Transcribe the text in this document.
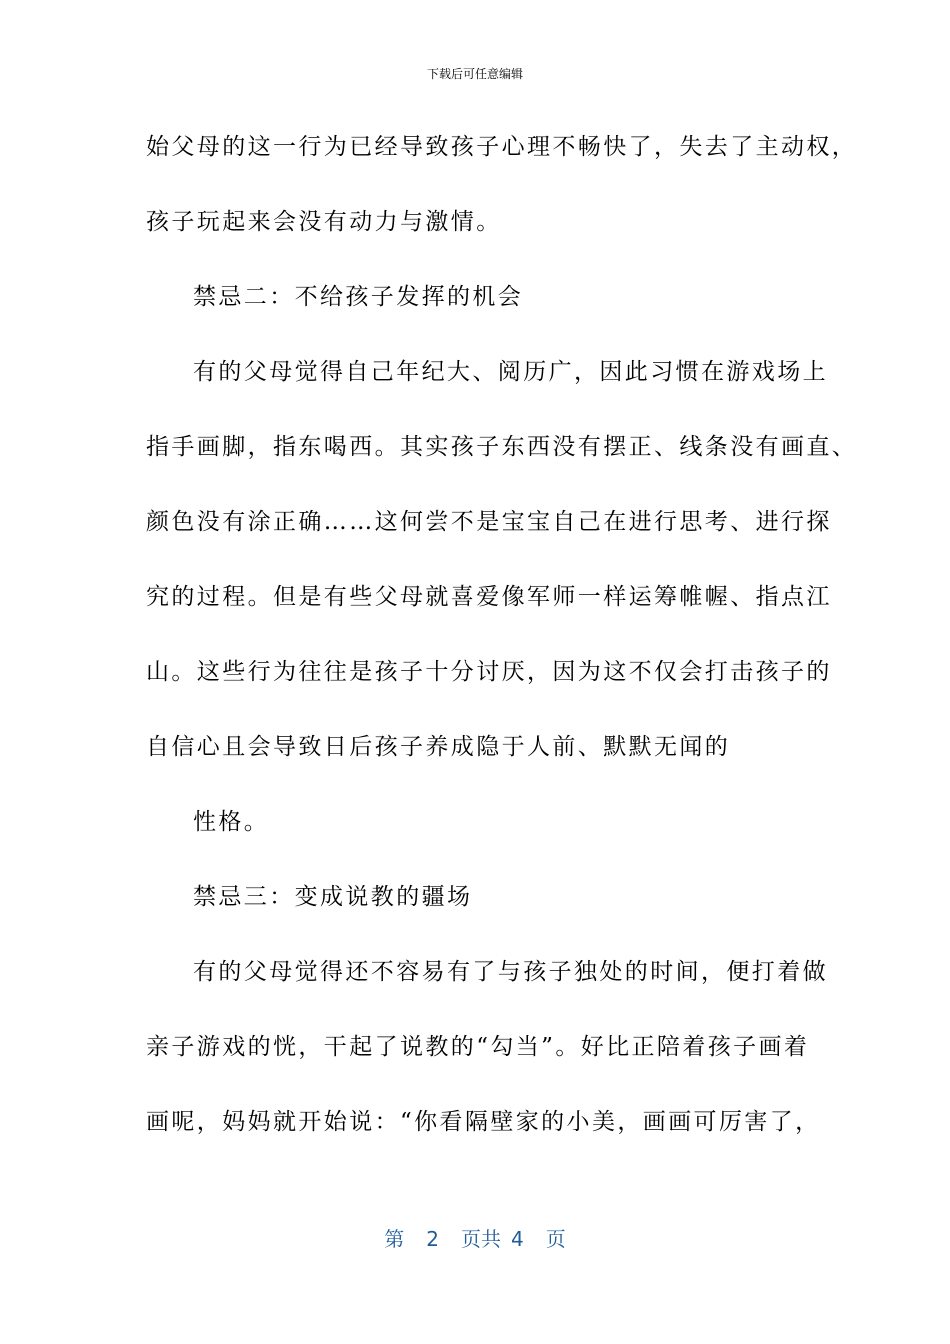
下载后可任意编辑
始父母的这一行为已经导致孩子心理不畅快了，失去了主动权，
孩子玩起来会没有动力与激情。
禁忌二：不给孩子发挥的机会
有的父母觉得自己年纪大、阅历广，因此习惯在游戏场上
指手画脚，指东喝西。其实孩子东西没有摆正、线条没有画直、
颜色没有涂正确……这何尝不是宝宝自己在进行思考、进行探
究的过程。但是有些父母就喜爱像军师一样运筹帷幄、指点江
山。这些行为往往是孩子十分讨厌，因为这不仅会打击孩子的
自信心且会导致日后孩子养成隐于人前、默默无闻的
性格。
禁忌三：变成说教的疆场
有的父母觉得还不容易有了与孩子独处的时间，便打着做
亲子游戏的恍，干起了说教的“勾当”。好比正陪着孩子画着
画呢，妈妈就开始说：“你看隔壁家的小美，画画可厉害了，
第 2 页共 4 页
